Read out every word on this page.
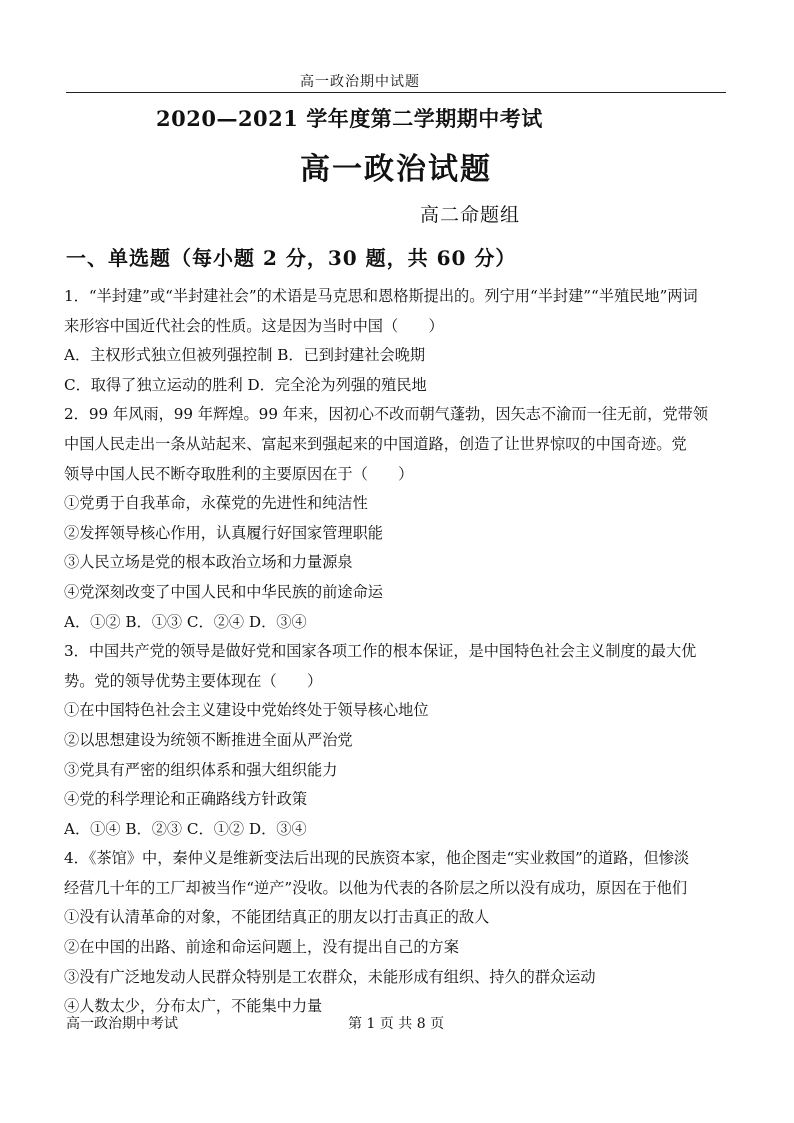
高一政治期中试题
2020—2021 学年度第二学期期中考试
高一政治试题
高二命题组
一、单选题（每小题 2 分，30 题，共 60 分）
1．“半封建”或“半封建社会”的术语是马克思和恩格斯提出的。列宁用“半封建”“半殖民地”两词
来形容中国近代社会的性质。这是因为当时中国（　　）
A．主权形式独立但被列强控制 B．已到封建社会晚期
C．取得了独立运动的胜利 D．完全沦为列强的殖民地
2．99 年风雨，99 年辉煌。99 年来，因初心不改而朝气蓬勃，因矢志不渝而一往无前，党带领
中国人民走出一条从站起来、富起来到强起来的中国道路，创造了让世界惊叹的中国奇迹。党
领导中国人民不断夺取胜利的主要原因在于（　　）
①党勇于自我革命，永葆党的先进性和纯洁性
②发挥领导核心作用，认真履行好国家管理职能
③人民立场是党的根本政治立场和力量源泉
④党深刻改变了中国人民和中华民族的前途命运
A．①② B．①③ C．②④ D．③④
3．中国共产党的领导是做好党和国家各项工作的根本保证，是中国特色社会主义制度的最大优
势。党的领导优势主要体现在（　　）
①在中国特色社会主义建设中党始终处于领导核心地位
②以思想建设为统领不断推进全面从严治党
③党具有严密的组织体系和强大组织能力
④党的科学理论和正确路线方针政策
A．①④ B．②③ C．①② D．③④
4．《茶馆》中，秦仲义是维新变法后出现的民族资本家，他企图走“实业救国”的道路，但惨淡
经营几十年的工厂却被当作“逆产”没收。以他为代表的各阶层之所以没有成功，原因在于他们
①没有认清革命的对象，不能团结真正的朋友以打击真正的敌人
②在中国的出路、前途和命运问题上，没有提出自己的方案
③没有广泛地发动人民群众特别是工农群众，未能形成有组织、持久的群众运动
④人数太少，分布太广，不能集中力量
高一政治期中考试	第 1 页 共 8 页
